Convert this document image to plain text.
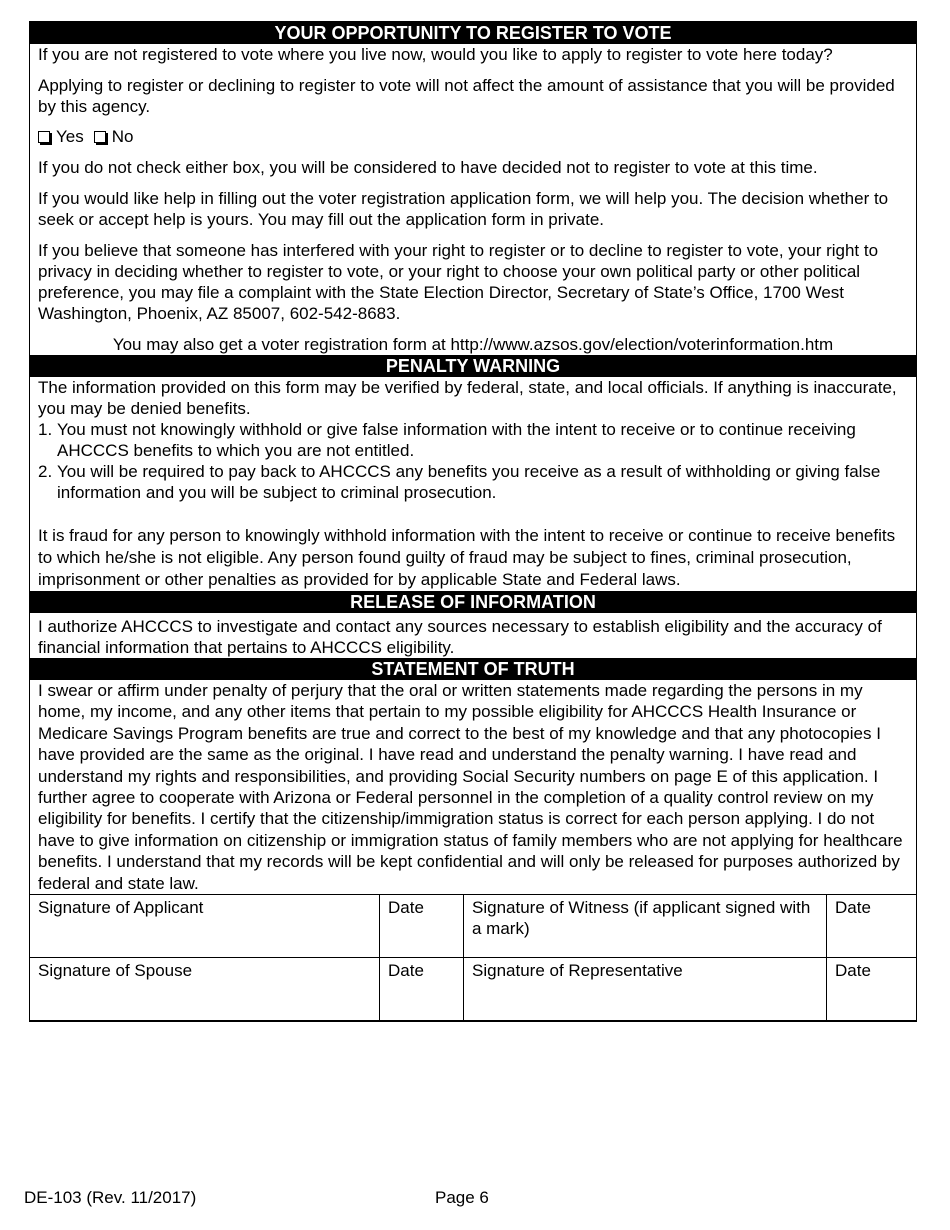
YOUR OPPORTUNITY TO REGISTER TO VOTE

If you are not registered to vote where you live now, would you like to apply to register to vote here today?

Applying to register or declining to register to vote will not affect the amount of assistance that you will be provided by this agency.

Yes No

If you do not check either box, you will be considered to have decided not to register to vote at this time.

If you would like help in filling out the voter registration application form, we will help you. The decision whether to seek or accept help is yours. You may fill out the application form in private.

If you believe that someone has interfered with your right to register or to decline to register to vote, your right to privacy in deciding whether to register to vote, or your right to choose your own political party or other political preference, you may file a complaint with the State Election Director, Secretary of State’s Office, 1700 West Washington, Phoenix, AZ 85007, 602-542-8683.

You may also get a voter registration form at http://www.azsos.gov/election/voterinformation.htm

PENALTY WARNING

The information provided on this form may be verified by federal, state, and local officials. If anything is inaccurate, you may be denied benefits.

1. You must not knowingly withhold or give false information with the intent to receive or to continue receiving AHCCCS benefits to which you are not entitled.
2. You will be required to pay back to AHCCCS any benefits you receive as a result of withholding or giving false information and you will be subject to criminal prosecution.

It is fraud for any person to knowingly withhold information with the intent to receive or continue to receive benefits to which he/she is not eligible. Any person found guilty of fraud may be subject to fines, criminal prosecution, imprisonment or other penalties as provided for by applicable State and Federal laws.

RELEASE OF INFORMATION

I authorize AHCCCS to investigate and contact any sources necessary to establish eligibility and the accuracy of financial information that pertains to AHCCCS eligibility.

STATEMENT OF TRUTH

I swear or affirm under penalty of perjury that the oral or written statements made regarding the persons in my home, my income, and any other items that pertain to my possible eligibility for AHCCCS Health Insurance or Medicare Savings Program benefits are true and correct to the best of my knowledge and that any photocopies I have provided are the same as the original. I have read and understand the penalty warning. I have read and understand my rights and responsibilities, and providing Social Security numbers on page E of this application. I further agree to cooperate with Arizona or Federal personnel in the completion of a quality control review on my eligibility for benefits. I certify that the citizenship/immigration status is correct for each person applying. I do not have to give information on citizenship or immigration status of family members who are not applying for healthcare benefits. I understand that my records will be kept confidential and will only be released for purposes authorized by federal and state law.

Signature of Applicant	Date	Signature of Witness (if applicant signed with a mark)	Date
Signature of Spouse	Date	Signature of Representative	Date
DE-103 (Rev. 11/2017)	Page 6
